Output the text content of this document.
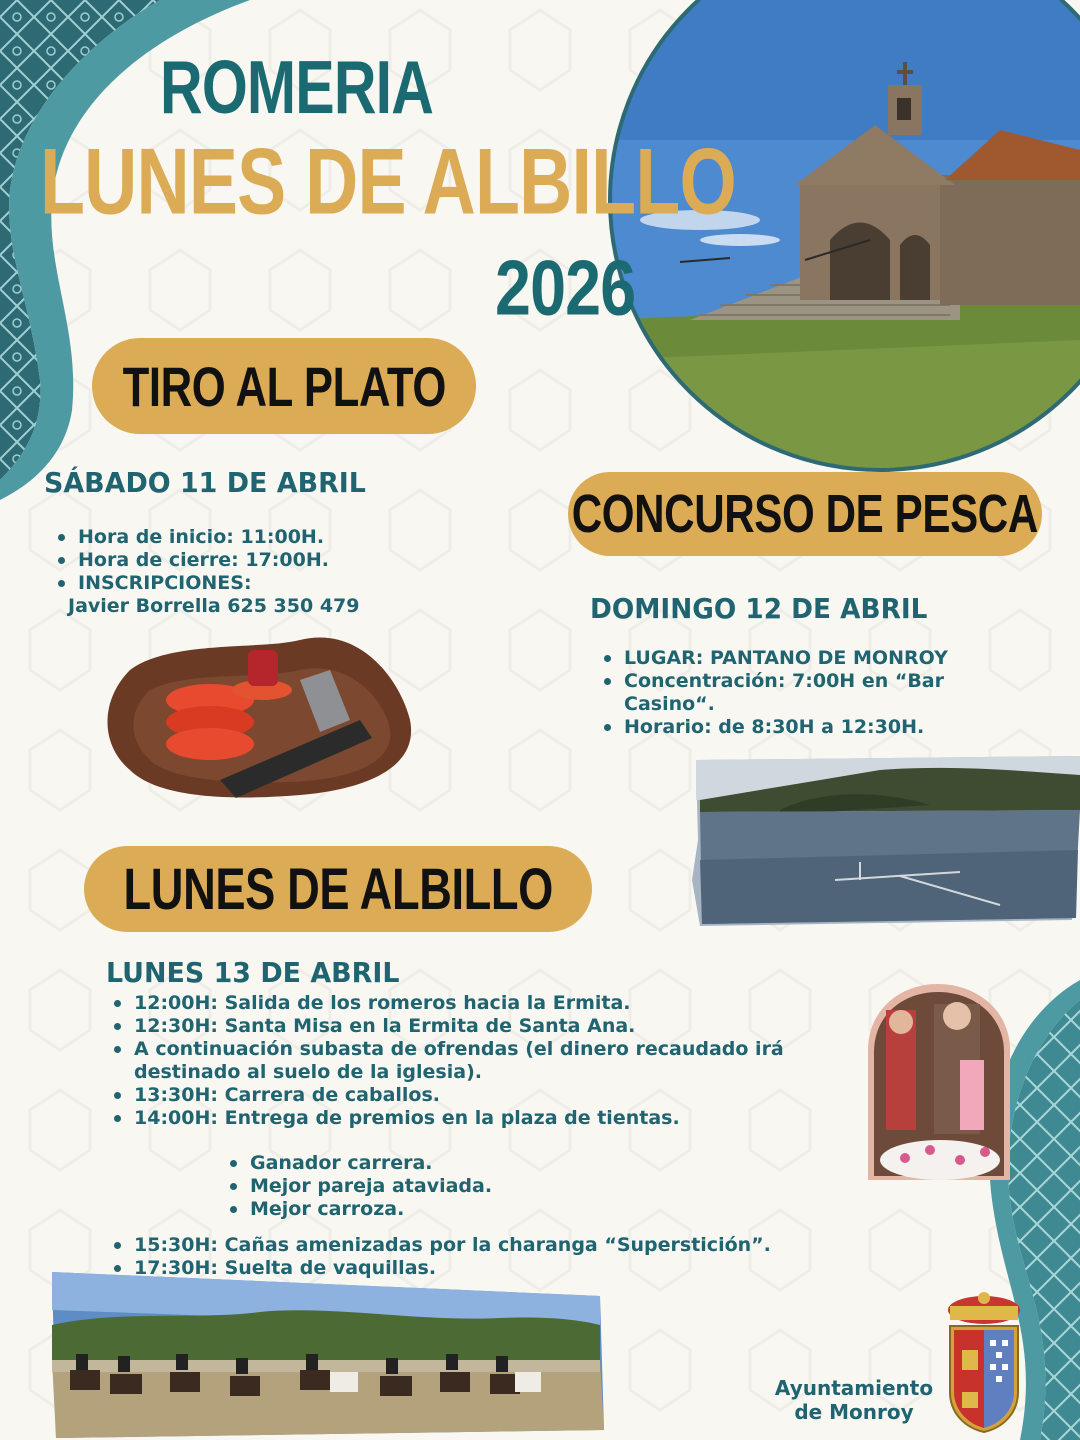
ROMERIA
LUNES DE ALBILLO
2026
TIRO AL PLATO
SÁBADO 11 DE ABRIL
Hora de inicio: 11:00H.
Hora de cierre: 17:00H.
INSCRIPCIONES:
Javier Borrella 625 350 479
CONCURSO DE PESCA
DOMINGO 12 DE ABRIL
LUGAR: PANTANO DE MONROY
Concentración: 7:00H en “Bar Casino“.
Horario: de 8:30H a 12:30H.
LUNES DE ALBILLO
LUNES 13 DE ABRIL
12:00H: Salida de los romeros hacia la Ermita.
12:30H: Santa Misa en la Ermita de Santa Ana.
A continuación subasta de ofrendas (el dinero recaudado irá destinado al suelo de la iglesia).
13:30H: Carrera de caballos.
14:00H: Entrega de premios en la plaza de tientas.
Ganador carrera.
Mejor pareja ataviada.
Mejor carroza.
15:30H: Cañas amenizadas por la charanga “Superstición”.
17:30H: Suelta de vaquillas.
Ayuntamiento
de Monroy
